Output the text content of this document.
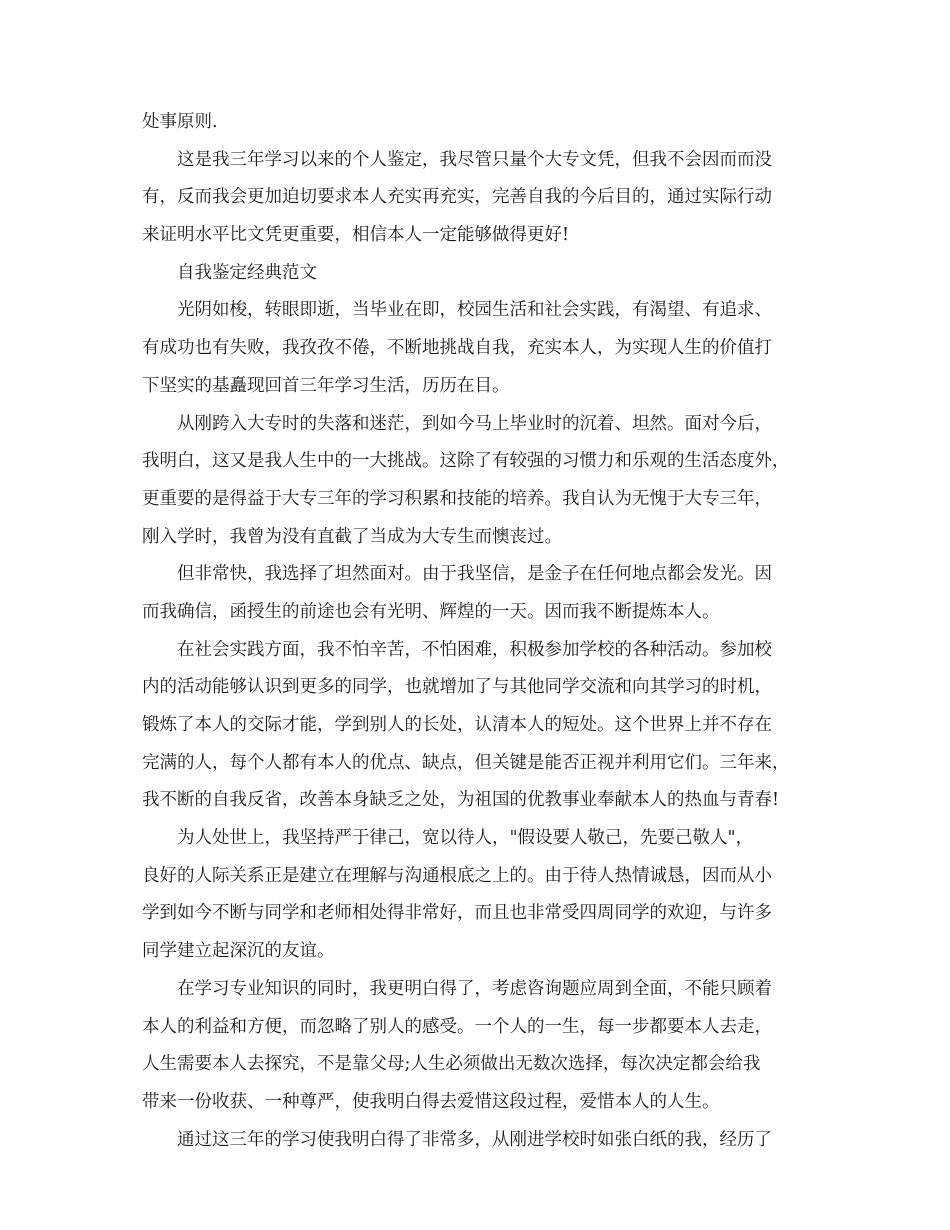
处事原则.
这是我三年学习以来的个人鉴定，我尽管只量个大专文凭，但我不会因而而没
有，反而我会更加迫切要求本人充实再充实，完善自我的今后目的，通过实际行动
来证明水平比文凭更重要，相信本人一定能够做得更好!
自我鉴定经典范文
光阴如梭，转眼即逝，当毕业在即，校园生活和社会实践，有渴望、有追求、
有成功也有失败，我孜孜不倦，不断地挑战自我，充实本人，为实现人生的价值打
下坚实的基矗现回首三年学习生活，历历在目。
从刚跨入大专时的失落和迷茫，到如今马上毕业时的沉着、坦然。面对今后，
我明白，这又是我人生中的一大挑战。这除了有较强的习惯力和乐观的生活态度外，
更重要的是得益于大专三年的学习积累和技能的培养。我自认为无愧于大专三年，
刚入学时，我曾为没有直截了当成为大专生而懊丧过。
但非常快，我选择了坦然面对。由于我坚信，是金子在任何地点都会发光。因
而我确信，函授生的前途也会有光明、辉煌的一天。因而我不断提炼本人。
在社会实践方面，我不怕辛苦，不怕困难，积极参加学校的各种活动。参加校
内的活动能够认识到更多的同学，也就增加了与其他同学交流和向其学习的时机，
锻炼了本人的交际才能，学到别人的长处，认清本人的短处。这个世界上并不存在
完满的人，每个人都有本人的优点、缺点，但关键是能否正视并利用它们。三年来，
我不断的自我反省，改善本身缺乏之处，为祖国的优教事业奉献本人的热血与青春!
为人处世上，我坚持严于律己，宽以待人，"假设要人敬己，先要己敬人"，
良好的人际关系正是建立在理解与沟通根底之上的。由于待人热情诚恳，因而从小
学到如今不断与同学和老师相处得非常好，而且也非常受四周同学的欢迎，与许多
同学建立起深沉的友谊。
在学习专业知识的同时，我更明白得了，考虑咨询题应周到全面，不能只顾着
本人的利益和方便，而忽略了别人的感受。一个人的一生，每一步都要本人去走，
人生需要本人去探究，不是靠父母;人生必须做出无数次选择，每次决定都会给我
带来一份收获、一种尊严，使我明白得去爱惜这段过程，爱惜本人的人生。
通过这三年的学习使我明白得了非常多，从刚进学校时如张白纸的我，经历了
